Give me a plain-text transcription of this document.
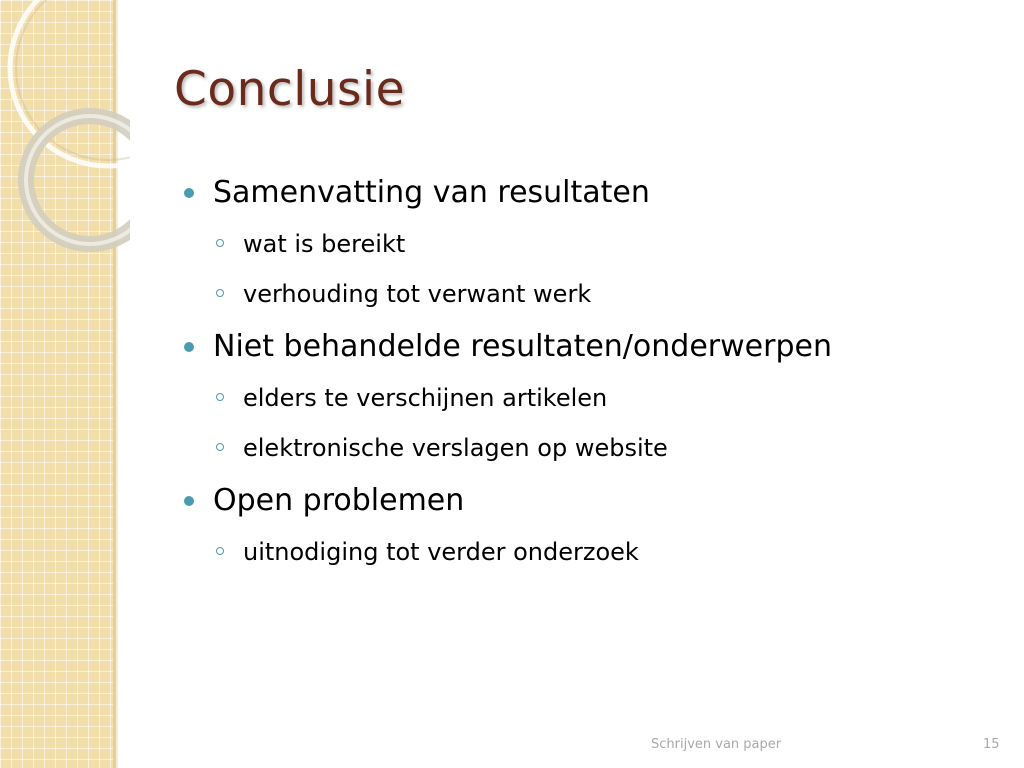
Conclusie
Samenvatting van resultaten
wat is bereikt
verhouding tot verwant werk
Niet behandelde resultaten/onderwerpen
elders te verschijnen artikelen
elektronische verslagen op website
Open problemen
uitnodiging tot verder onderzoek
Schrijven van paper	15
